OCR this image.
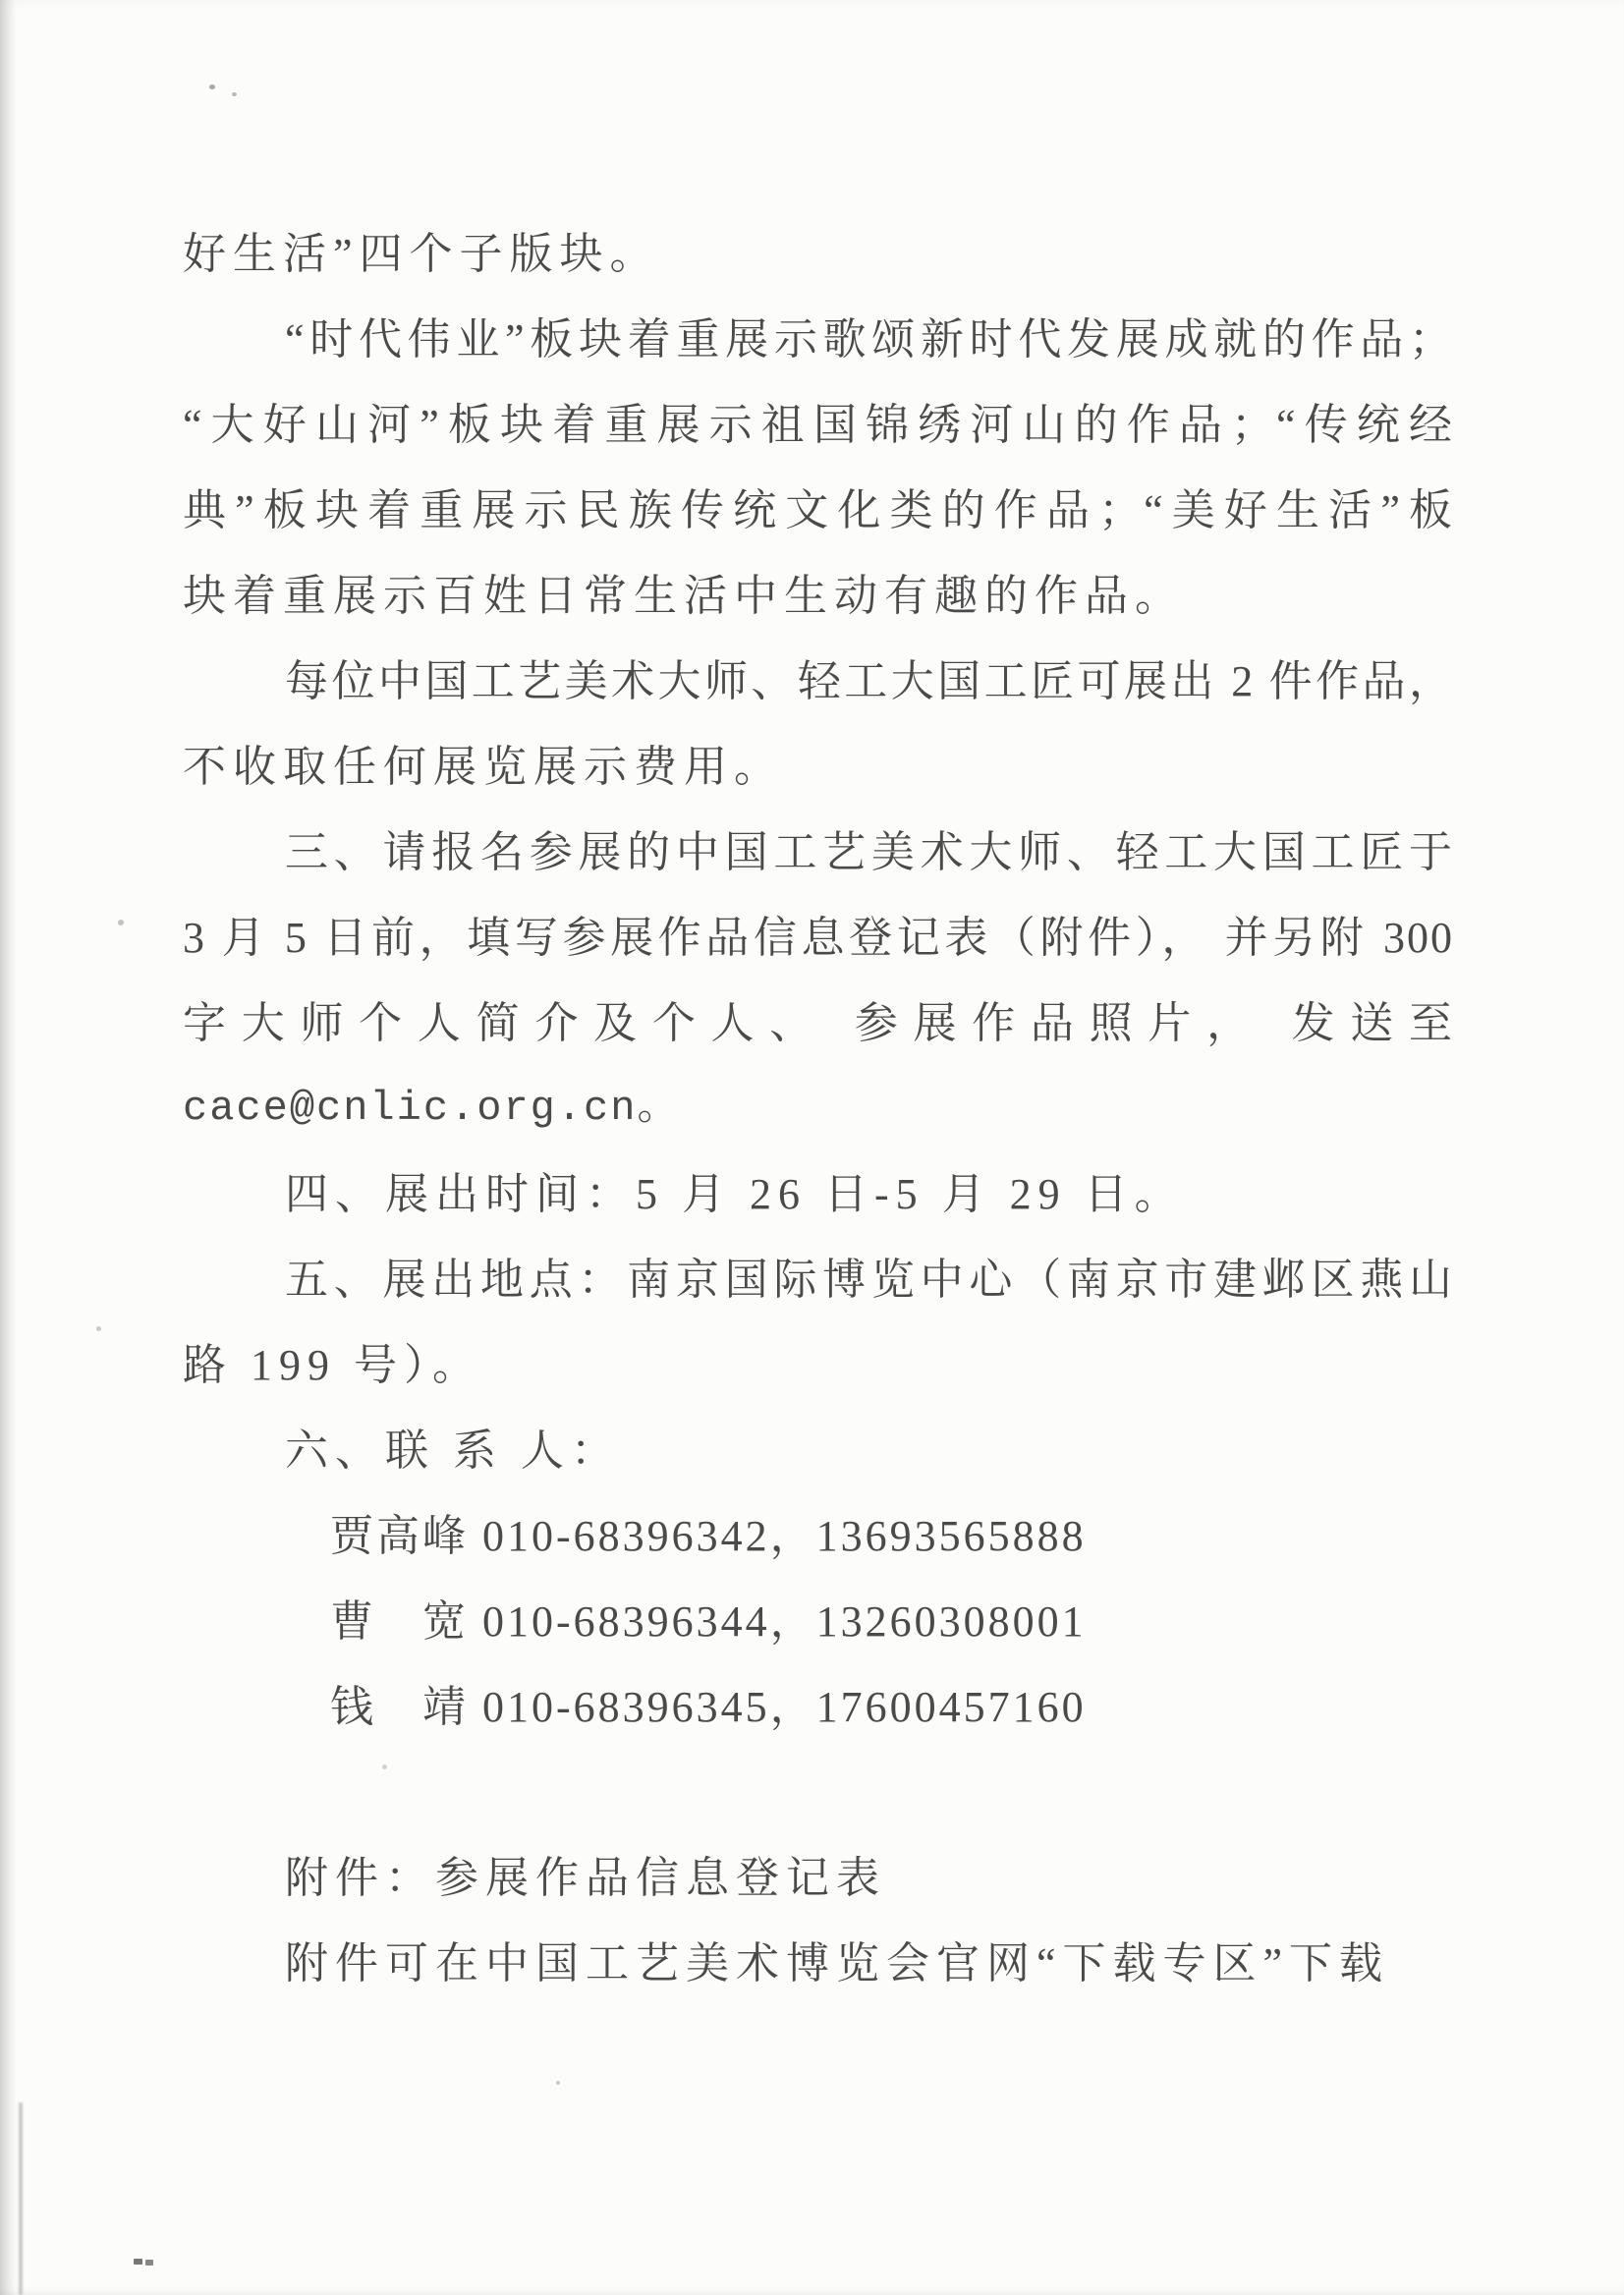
好生活”四个子版块。
“时代伟业”板块着重展示歌颂新时代发展成就的作品；
“大好山河”板块着重展示祖国锦绣河山的作品；“传统经
典”板块着重展示民族传统文化类的作品；“美好生活”板
块着重展示百姓日常生活中生动有趣的作品。
每位中国工艺美术大师、轻工大国工匠可展出 2 件作品，
不收取任何展览展示费用。
三、请报名参展的中国工艺美术大师、轻工大国工匠于
3 月 5 日前，填写参展作品信息登记表（附件）， 并另附 300
字大师个人简介及个人、 参展作品照片， 发送至
cace@cnlic.org.cn。
四、展出时间：5 月 26 日-5 月 29 日。
五、展出地点：南京国际博览中心（南京市建邺区燕山
路 199 号）。
六、联 系 人：
贾高峰 010-68396342，13693565888
曹　宽 010-68396344，13260308001
钱　靖 010-68396345，17600457160
附件：参展作品信息登记表
附件可在中国工艺美术博览会官网“下载专区”下载
